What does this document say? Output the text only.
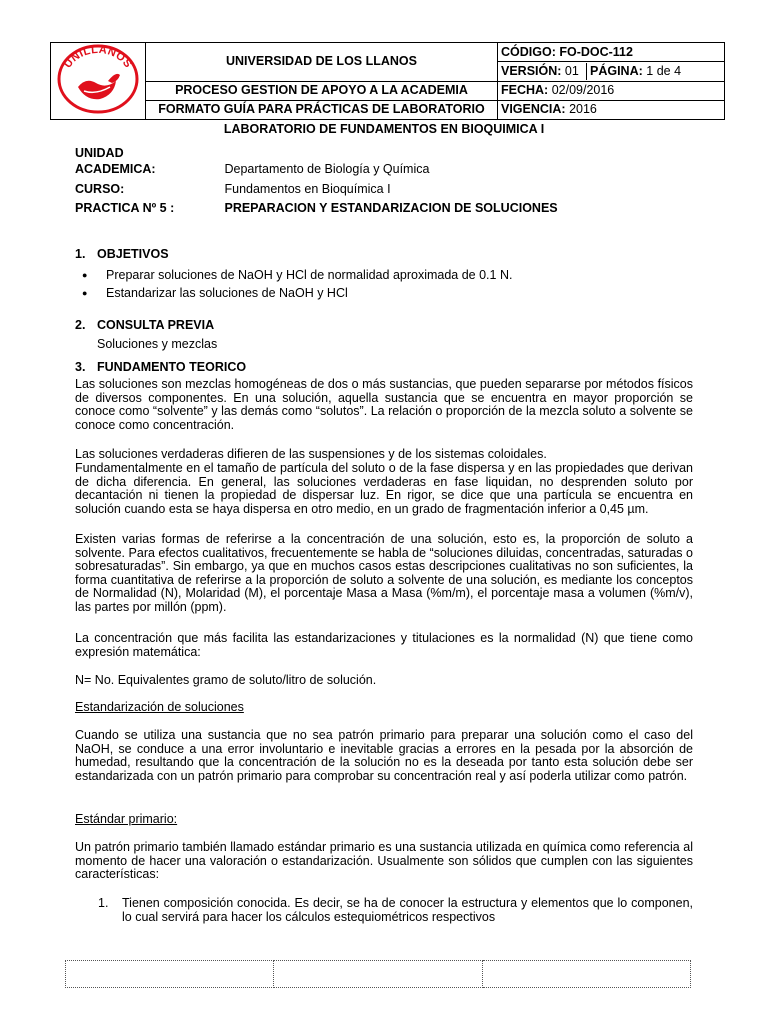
UNILLANOS	UNIVERSIDAD DE LOS LLANOS	CÓDIGO: FO-DOC-112

		VERSIÓN: 01 PÁGINA: 1 de 4

	PROCESO GESTION DE APOYO A LA ACADEMIA	FECHA: 02/09/2016
	FORMATO GUÍA PARA PRÁCTICAS DE LABORATORIO	VIGENCIA: 2016
LABORATORIO DE FUNDAMENTOS EN BIOQUIMICA I
UNIDAD
ACADEMICA:	Departamento de Biología y Química
CURSO:	Fundamentos en Bioquímica I
PRACTICA Nº 5 :	PREPARACION Y ESTANDARIZACION DE SOLUCIONES
1. OBJETIVOS
● Preparar soluciones de NaOH y HCl de normalidad aproximada de 0.1 N.
● Estandarizar las soluciones de NaOH y HCl
2. CONSULTA PREVIA
Soluciones y mezclas
3. FUNDAMENTO TEORICO
Las soluciones son mezclas homogéneas de dos o más sustancias, que pueden separarse por métodos físicos de diversos componentes. En una solución, aquella sustancia que se encuentra en mayor proporción se conoce como “solvente” y las demás como “solutos”. La relación o proporción de la mezcla soluto a solvente se conoce como concentración.
Las soluciones verdaderas difieren de las suspensiones y de los sistemas coloidales.
Fundamentalmente en el tamaño de partícula del soluto o de la fase dispersa y en las propiedades que derivan de dicha diferencia. En general, las soluciones verdaderas en fase liquidan, no desprenden soluto por decantación ni tienen la propiedad de dispersar luz. En rigor, se dice que una partícula se encuentra en solución cuando esta se haya dispersa en otro medio, en un grado de fragmentación inferior a 0,45 µm.
Existen varias formas de referirse a la concentración de una solución, esto es, la proporción de soluto a solvente. Para efectos cualitativos, frecuentemente se habla de “soluciones diluidas, concentradas, saturadas o sobresaturadas”. Sin embargo, ya que en muchos casos estas descripciones cualitativas no son suficientes, la forma cuantitativa de referirse a la proporción de soluto a solvente de una solución, es mediante los conceptos de Normalidad (N), Molaridad (M), el porcentaje Masa a Masa (%m/m), el porcentaje masa a volumen (%m/v), las partes por millón (ppm).
La concentración que más facilita las estandarizaciones y titulaciones es la normalidad (N) que tiene como expresión matemática:
N= No. Equivalentes gramo de soluto/litro de solución.
Estandarización de soluciones
Cuando se utiliza una sustancia que no sea patrón primario para preparar una solución como el caso del NaOH, se conduce a una error involuntario e inevitable gracias a errores en la pesada por la absorción de humedad, resultando que la concentración de la solución no es la deseada por tanto esta solución debe ser estandarizada con un patrón primario para comprobar su concentración real y así poderla utilizar como patrón.
Estándar primario:
Un patrón primario también llamado estándar primario es una sustancia utilizada en química como referencia al momento de hacer una valoración o estandarización. Usualmente son sólidos que cumplen con las siguientes características:
1. Tienen composición conocida. Es decir, se ha de conocer la estructura y elementos que lo componen, lo cual servirá para hacer los cálculos estequiométricos respectivos
